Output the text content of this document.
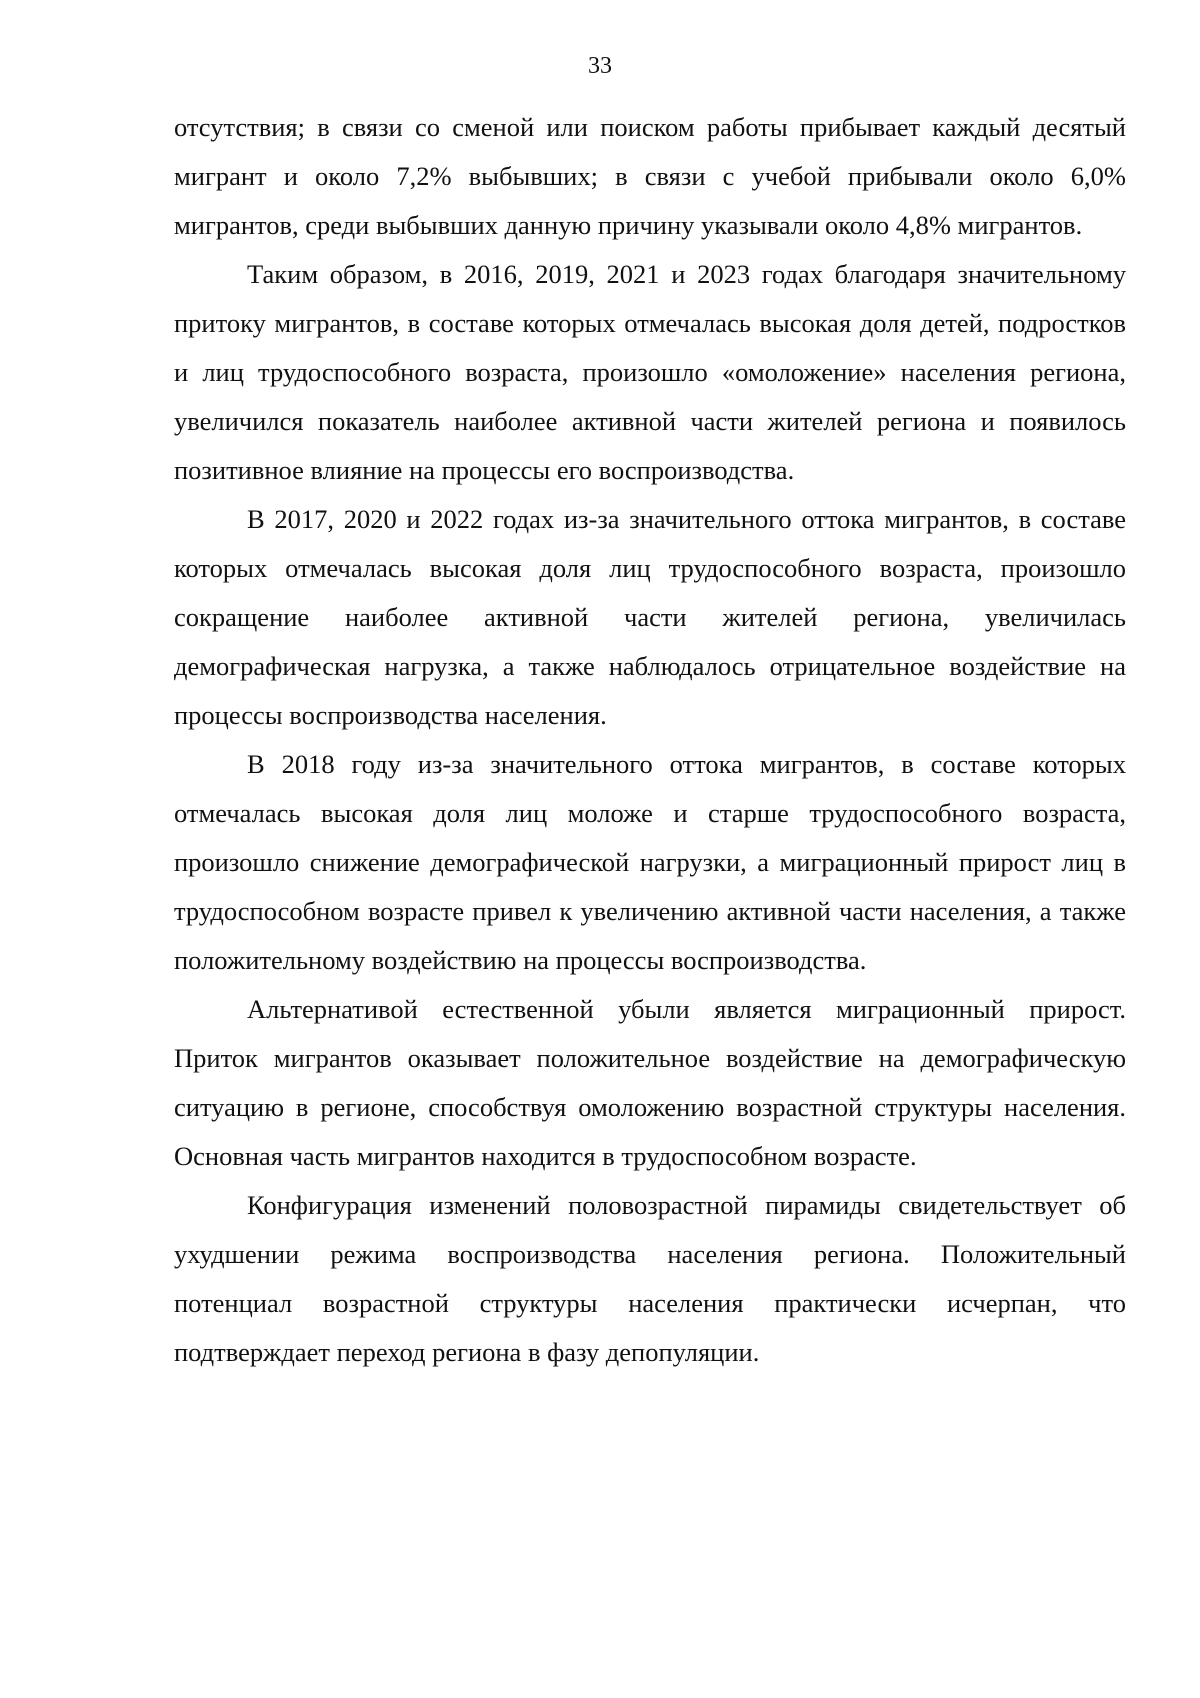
33

отсутствия; в связи со сменой или поиском работы прибывает каждый десятый мигрант и около 7,2% выбывших; в связи с учебой прибывали около 6,0% мигрантов, среди выбывших данную причину указывали около 4,8% мигрантов.

Таким образом, в 2016, 2019, 2021 и 2023 годах благодаря значительному притоку мигрантов, в составе которых отмечалась высокая доля детей, подростков и лиц трудоспособного возраста, произошло «омоложение» населения региона, увеличился показатель наиболее активной части жителей региона и появилось позитивное влияние на процессы его воспроизводства.

В 2017, 2020 и 2022 годах из-за значительного оттока мигрантов, в составе которых отмечалась высокая доля лиц трудоспособного возраста, произошло сокращение наиболее активной части жителей региона, увеличилась демографическая нагрузка, а также наблюдалось отрицательное воздействие на процессы воспроизводства населения.

В 2018 году из-за значительного оттока мигрантов, в составе которых отмечалась высокая доля лиц моложе и старше трудоспособного возраста, произошло снижение демографической нагрузки, а миграционный прирост лиц в трудоспособном возрасте привел к увеличению активной части населения, а также положительному воздействию на процессы воспроизводства.

Альтернативой естественной убыли является миграционный прирост. Приток мигрантов оказывает положительное воздействие на демографическую ситуацию в регионе, способствуя омоложению возрастной структуры населения. Основная часть мигрантов находится в трудоспособном возрасте.

Конфигурация изменений половозрастной пирамиды свидетельствует об ухудшении режима воспроизводства населения региона. Положительный потенциал возрастной структуры населения практически исчерпан, что подтверждает переход региона в фазу депопуляции.
